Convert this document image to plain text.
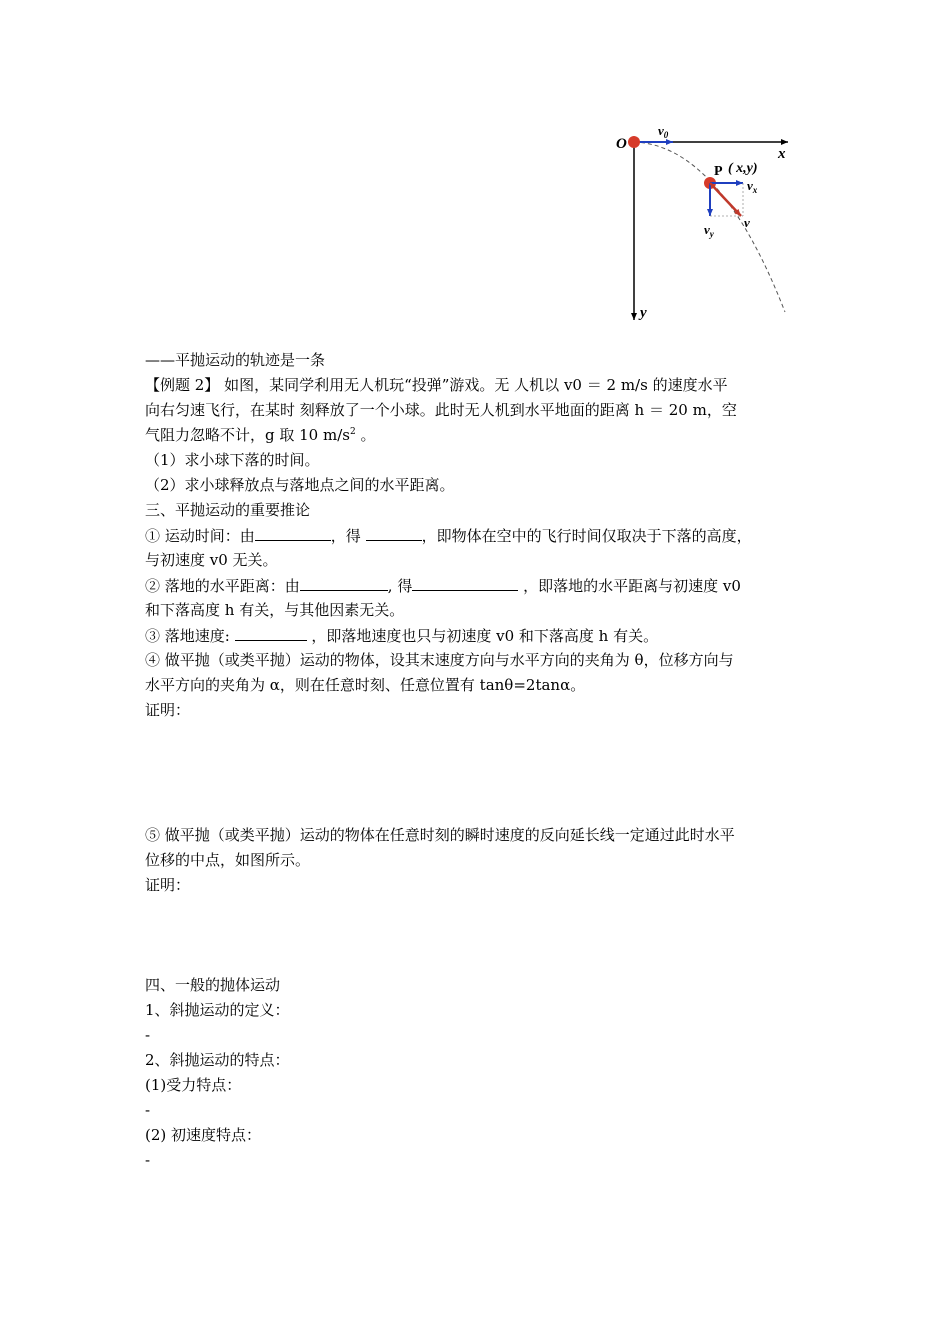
O
$v_0$
x
y
P ( x,y)
$v_x$
$v_y$
v
——平抛运动的轨迹是一条
【例题 2】 如图，某同学利用无人机玩“投弹”游戏。无 人机以 v0 ＝ 2 m/s 的速度水平
向右匀速飞行，在某时 刻释放了一个小球。此时无人机到水平地面的距离 h ＝ 20 m，空
气阻力忽略不计，g 取 10 $m/s^2$ 。
（1）求小球下落的时间。
（2）求小球释放点与落地点之间的水平距离。
三、平抛运动的重要推论
① 运动时间：由	，得	，即物体在空中的飞行时间仅取决于下落的高度，
与初速度 v0 无关。
② 落地的水平距离：由	, 得	，即落地的水平距离与初速度 v0
和下落高度 h 有关，与其他因素无关。
③ 落地速度:	，即落地速度也只与初速度 v0 和下落高度 h 有关。
④ 做平抛（或类平抛）运动的物体，设其末速度方向与水平方向的夹角为 θ，位移方向与
水平方向的夹角为 α，则在任意时刻、任意位置有 tanθ=2tanα。
证明：
⑤ 做平抛（或类平抛）运动的物体在任意时刻的瞬时速度的反向延长线一定通过此时水平
位移的中点，如图所示。
证明：
四、一般的抛体运动
1、斜抛运动的定义：
-
2、斜抛运动的特点：
(1)受力特点：
-
(2) 初速度特点：
-
